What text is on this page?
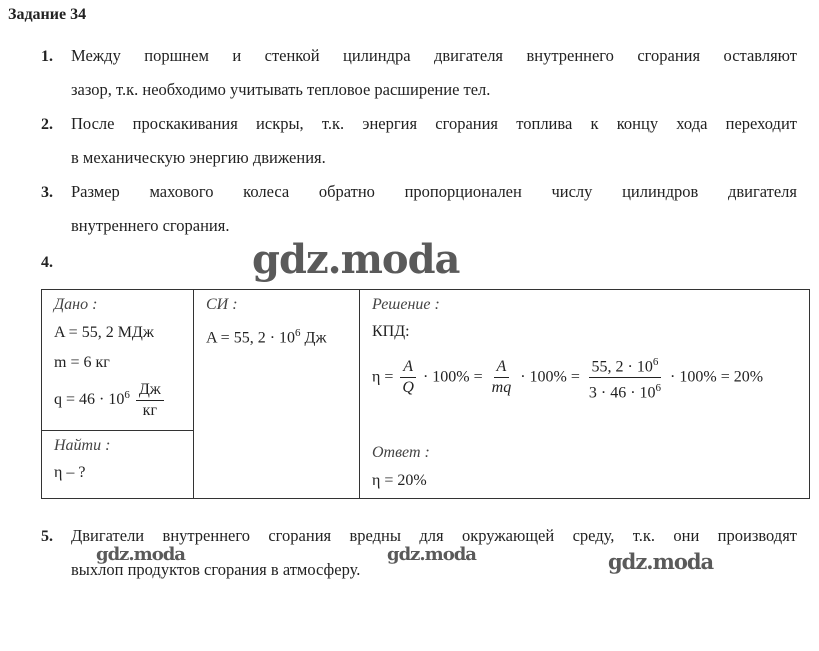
Задание 34
1. Между поршнем и стенкой цилиндра двигателя внутреннего сгорания оставляют
зазор, т.к. необходимо учитывать тепловое расширение тел.
2. После проскакивания искры, т.к. энергия сгорания топлива к концу хода переходит
в механическую энергию движения.
3. Размер махового колеса обратно пропорционален числу цилиндров двигателя
внутреннего сгорания.
4.
Дано :
A = 55, 2 МДж
m = 6 кг
$q = 46 \cdot 10^6 \frac{Дж}{кг}$

СИ :
A = 55, $2 \cdot 10^6$ Дж

Решение :
КПД:
$\eta = \frac{A}{Q} \cdot 100\% = \frac{A}{mq} \cdot 100\% = \frac{55, 2 \cdot 10^6}{3 \cdot 46 \cdot 10^6} \cdot 100\% = 20\%$
Ответ :
η = 20%

Найти :
η – ?
5. Двигатели внутреннего сгорания вредны для окружающей среду, т.к. они производят
выхлоп продуктов сгорания в атмосферу.
gdz.moda
gdz.moda	gdz.moda	gdz.moda
